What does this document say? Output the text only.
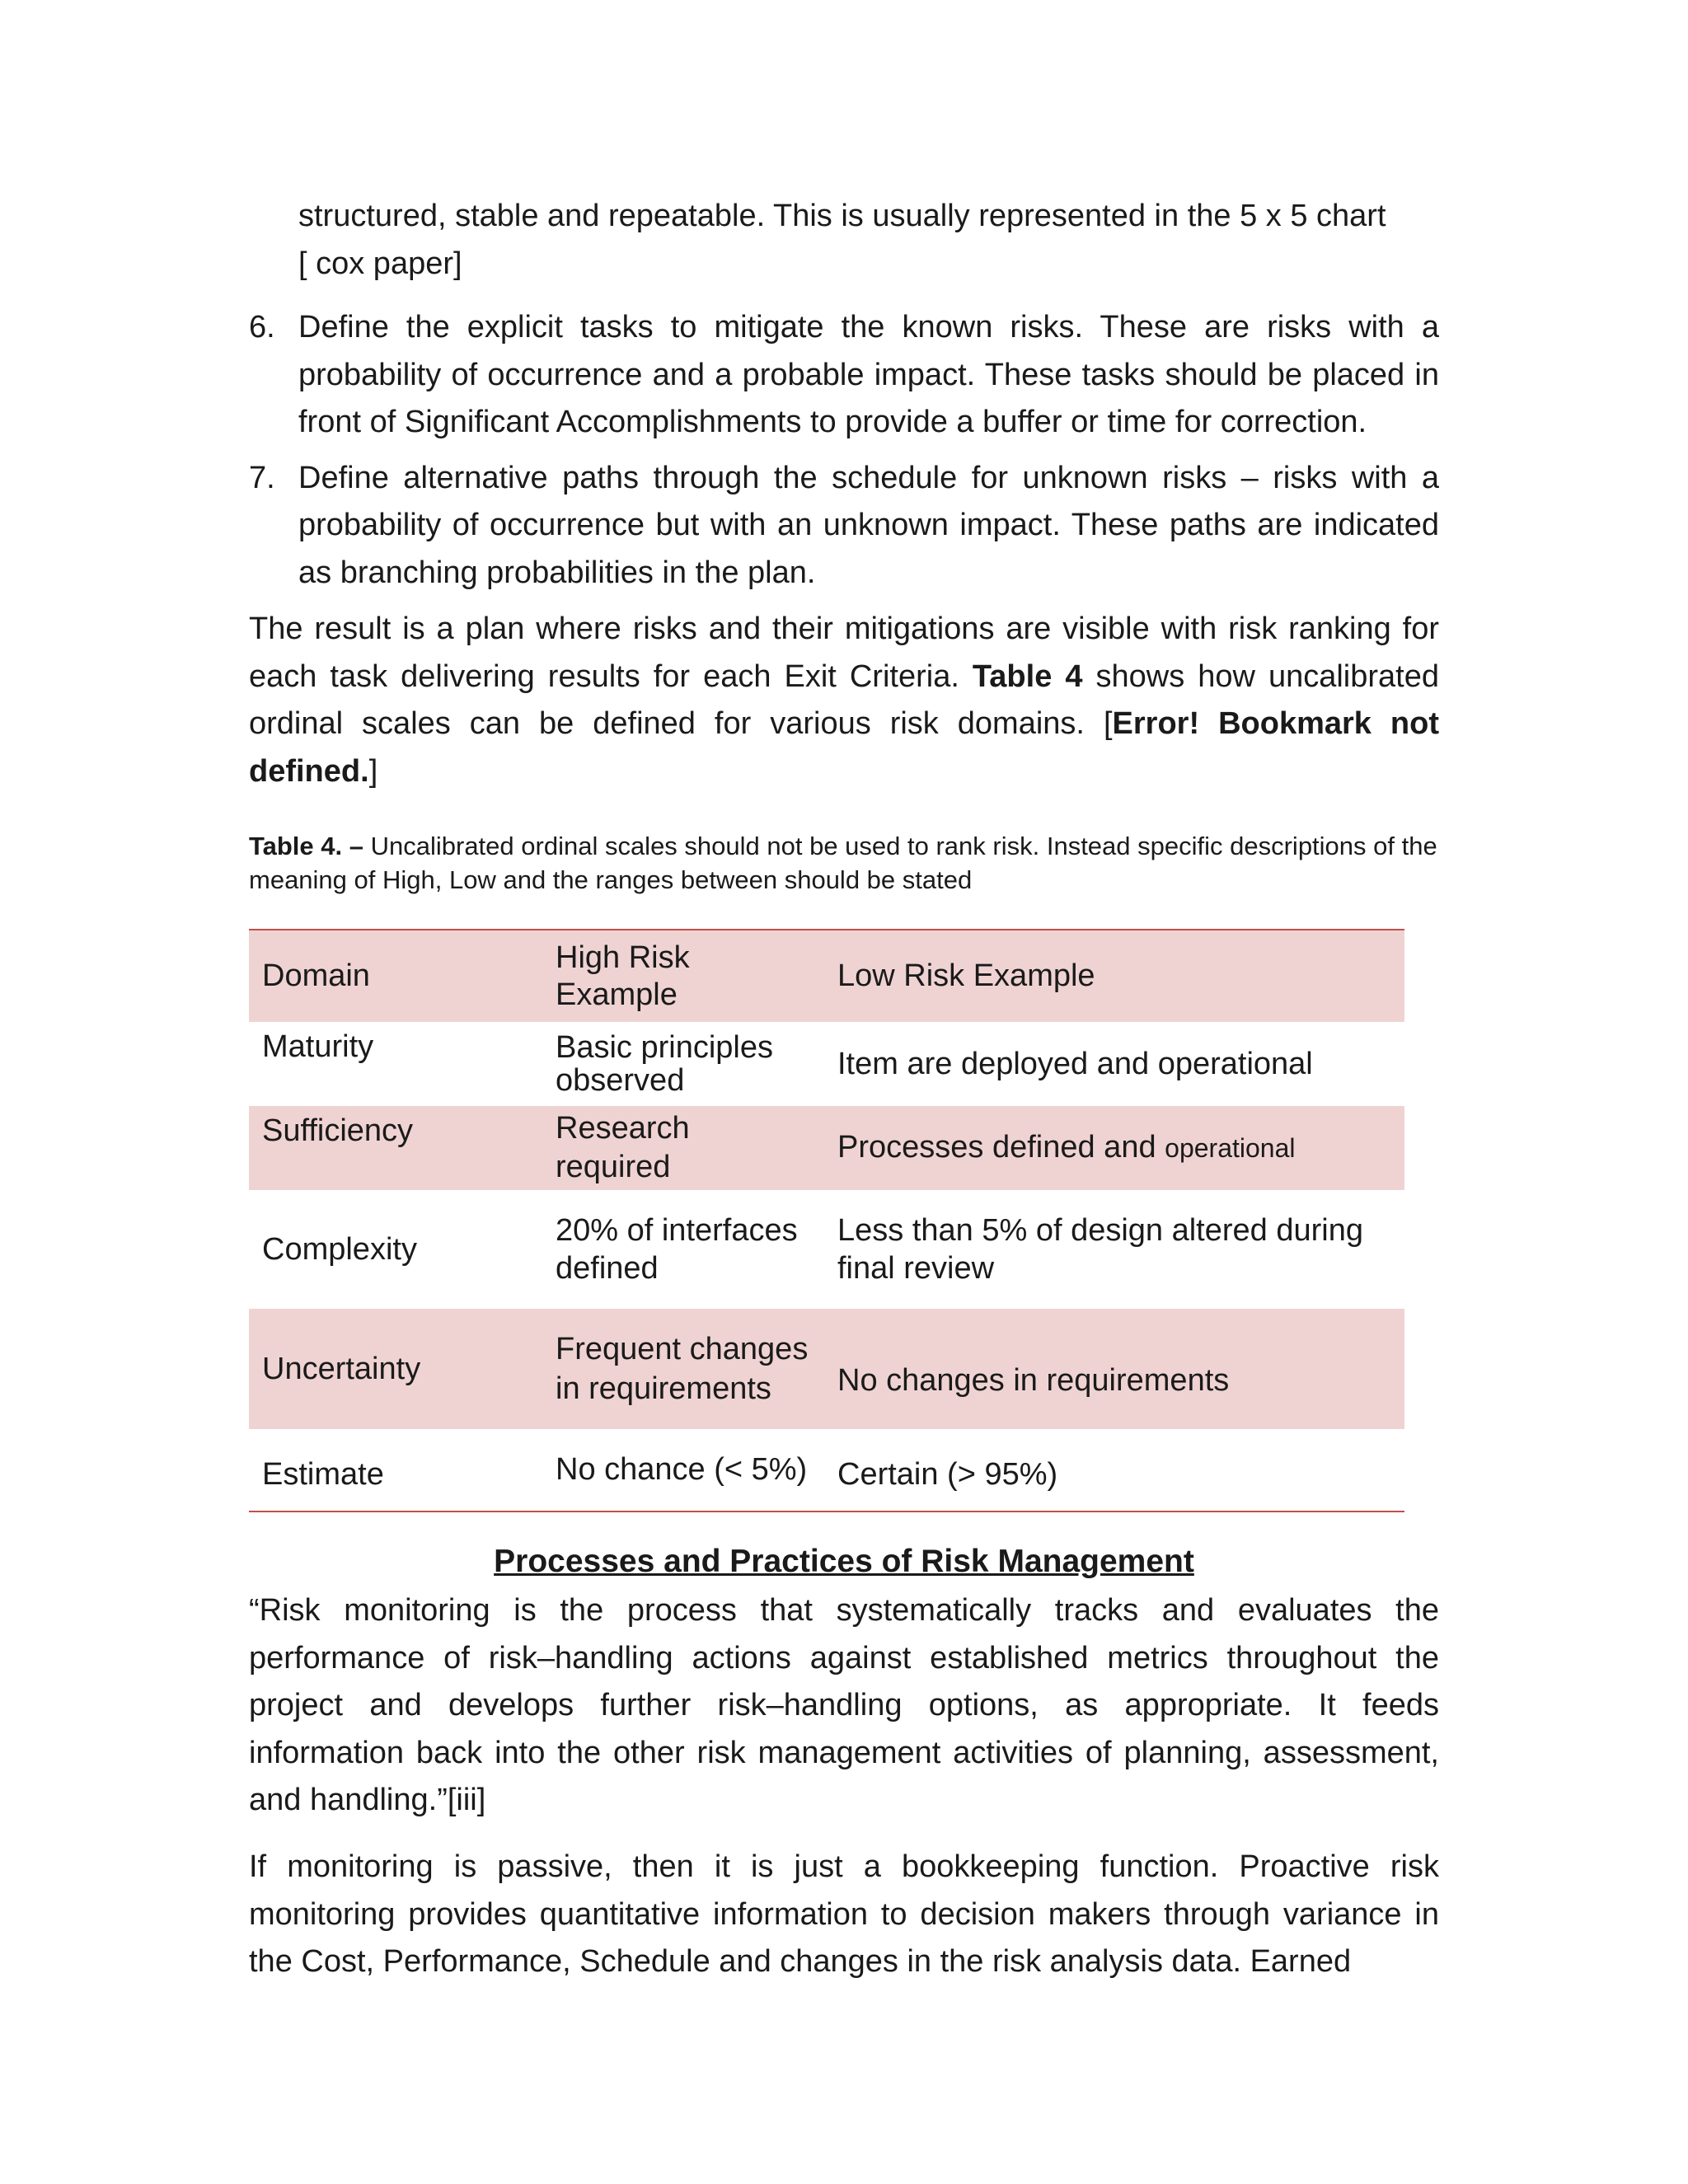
structured, stable and repeatable. This is usually represented in the 5 x 5 chart

[ cox paper]

6. Define the explicit tasks to mitigate the known risks. These are risks with a probability of occurrence and a probable impact. These tasks should be placed in front of Significant Accomplishments to provide a buffer or time for correction.
7. Define alternative paths through the schedule for unknown risks – risks with a probability of occurrence but with an unknown impact. These paths are indicated as branching probabilities in the plan.

The result is a plan where risks and their mitigations are visible with risk ranking for each task delivering results for each Exit Criteria. Table 4 shows how uncalibrated ordinal scales can be defined for various risk domains. [Error! Bookmark not defined.]

Table 4. – Uncalibrated ordinal scales should not be used to rank risk. Instead specific descriptions of the meaning of High, Low and the ranges between should be stated

Domain	High Risk Example	Low Risk Example
Maturity	Basic principles observed	Item are deployed and operational
Sufficiency	Research required	Processes defined and operational
Complexity	20% of interfaces defined	Less than 5% of design altered during final review
Uncertainty	Frequent changes in requirements	No changes in requirements
Estimate	No chance (< 5%)	Certain (> 95%)
Processes and Practices of Risk Management

“Risk monitoring is the process that systematically tracks and evaluates the performance of risk–handling actions against established metrics throughout the project and develops further risk–handling options, as appropriate. It feeds information back into the other risk management activities of planning, assessment, and handling.”[iii]

If monitoring is passive, then it is just a bookkeeping function. Proactive risk monitoring provides quantitative information to decision makers through variance in the Cost, Performance, Schedule and changes in the risk analysis data. Earned
